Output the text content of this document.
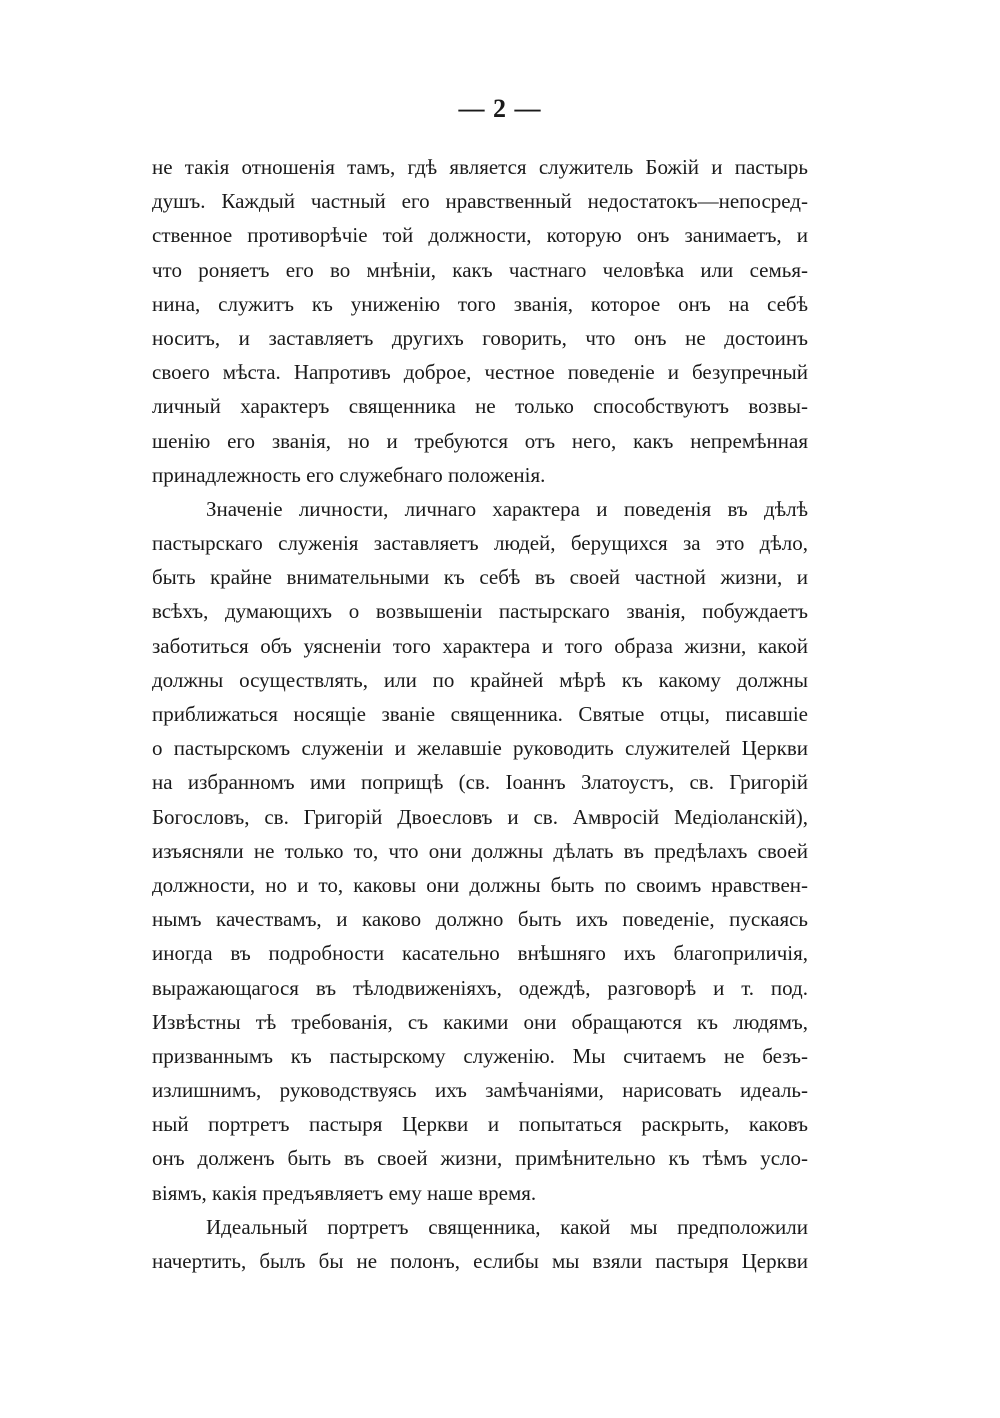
— 2 —

не такія отношенія тамъ, гдѣ является служитель Божій и пастырь
душъ. Каждый частный его нравственный недостатокъ—непосред-
ственное противорѣчіе той должности, которую онъ занимаетъ, и
что роняетъ его во мнѣніи, какъ частнаго человѣка или семья-
нина, служитъ къ униженію того званія, которое онъ на себѣ
носитъ, и заставляетъ другихъ говорить, что онъ не достоинъ
своего мѣста. Напротивъ доброе, честное поведеніе и безупречный
личный характеръ священника не только способствуютъ возвы-
шенію его званія, но и требуются отъ него, какъ непремѣнная
принадлежность его служебнаго положенія.

Значеніе личности, личнаго характера и поведенія въ дѣлѣ
пастырскаго служенія заставляетъ людей, берущихся за это дѣло,
быть крайне внимательными къ себѣ въ своей частной жизни, и
всѣхъ, думающихъ о возвышеніи пастырскаго званія, побуждаетъ
заботиться объ уясненіи того характера и того образа жизни, какой
должны осуществлять, или по крайней мѣрѣ къ какому должны
приближаться носящіе званіе священника. Святые отцы, писавшіе
о пастырскомъ служеніи и желавшіе руководить служителей Церкви
на избранномъ ими поприщѣ (св. Іоаннъ Златоустъ, св. Григорій
Богословъ, св. Григорій Двоесловъ и св. Амвросій Медіоланскій),
изъясняли не только то, что они должны дѣлать въ предѣлахъ своей
должности, но и то, каковы они должны быть по своимъ нравствен-
нымъ качествамъ, и каково должно быть ихъ поведеніе, пускаясь
иногда въ подробности касательно внѣшняго ихъ благоприличія,
выражающагося въ тѣлодвиженіяхъ, одеждѣ, разговорѣ и т. под.
Извѣстны тѣ требованія, съ какими они обращаются къ людямъ,
призваннымъ къ пастырскому служенію. Мы считаемъ не безъ-
излишнимъ, руководствуясь ихъ замѣчаніями, нарисовать идеаль-
ный портретъ пастыря Церкви и попытаться раскрыть, каковъ
онъ долженъ быть въ своей жизни, примѣнительно къ тѣмъ усло-
віямъ, какія предъявляетъ ему наше время.

Идеальный портретъ священника, какой мы предположили
начертить, былъ бы не полонъ, еслибы мы взяли пастыря Церкви
